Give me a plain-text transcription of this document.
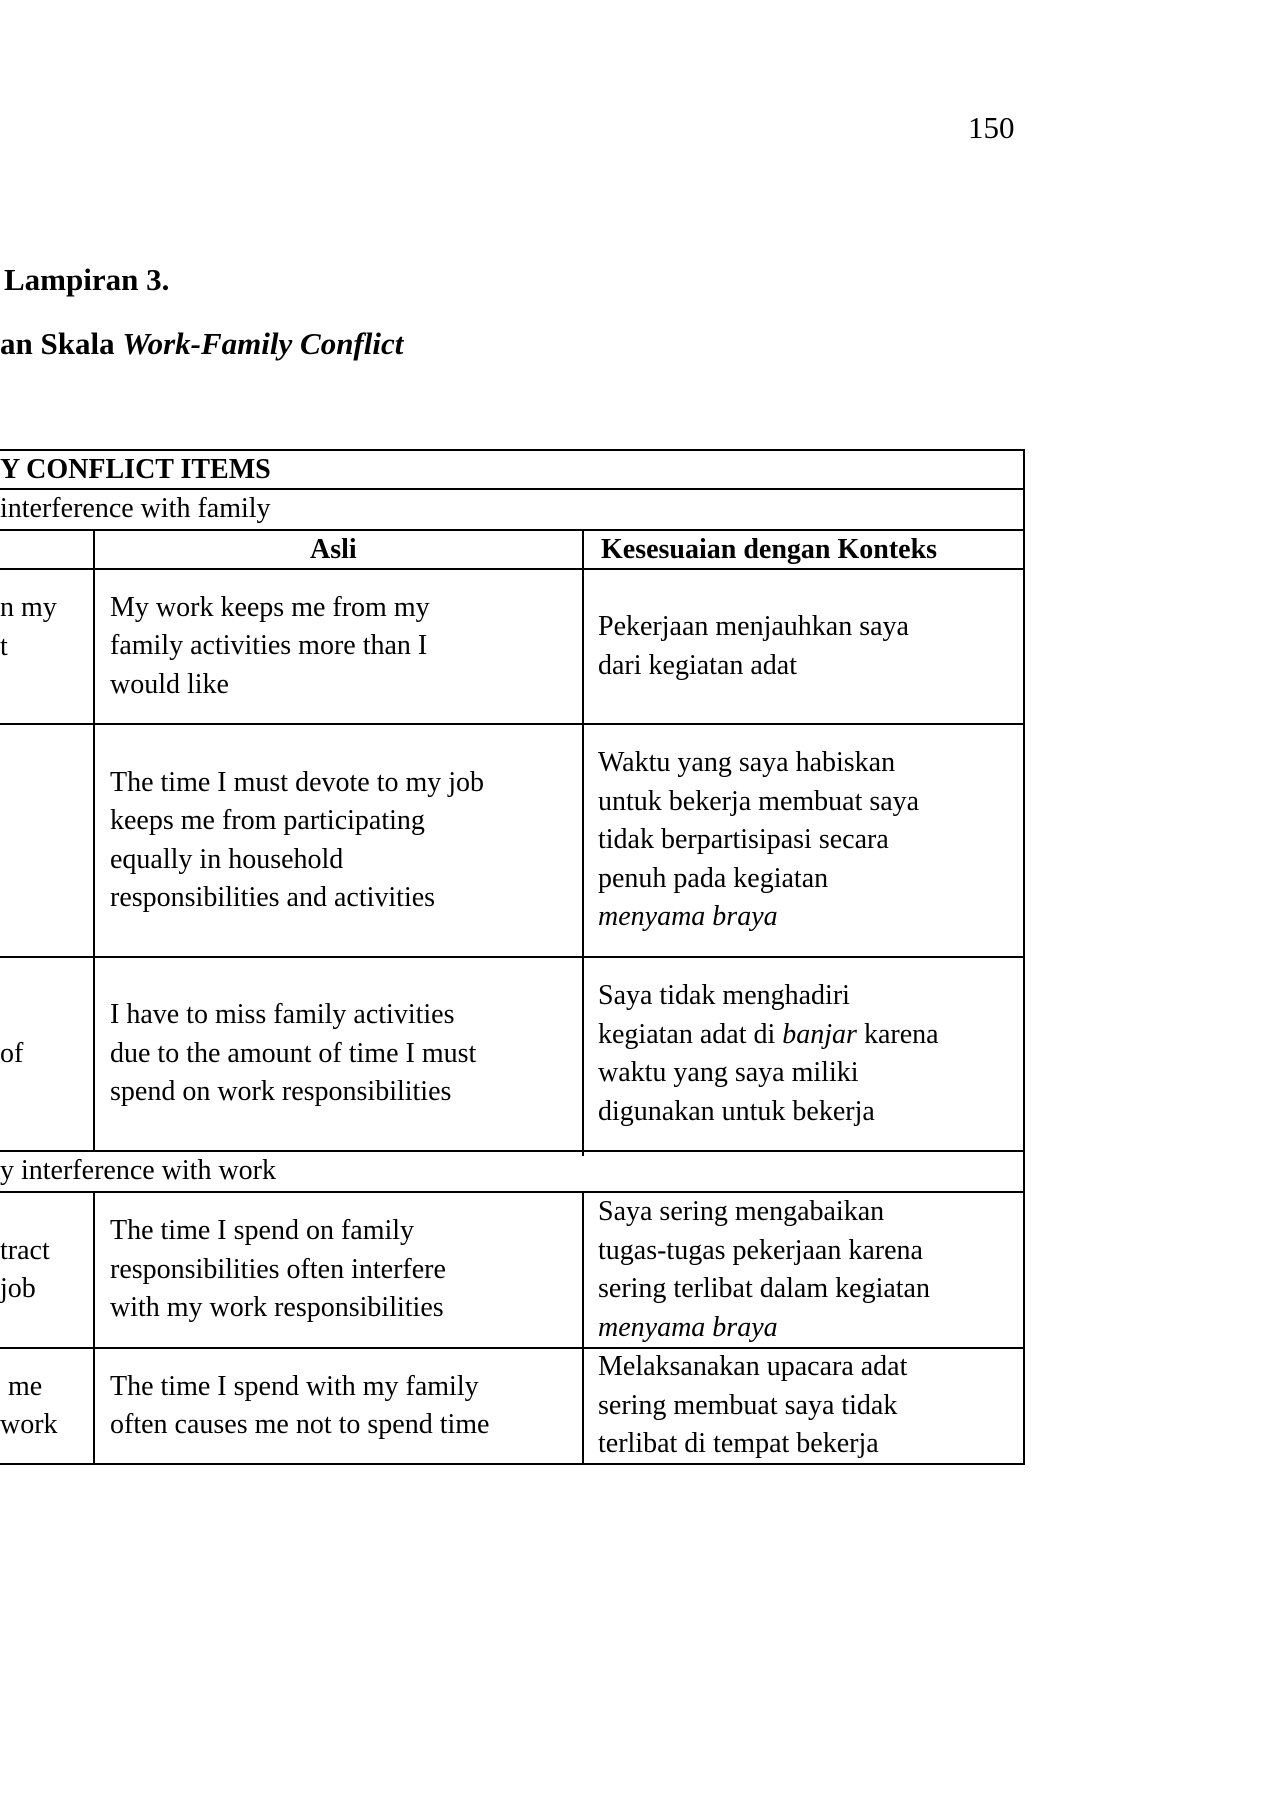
150
Lampiran 3.
an Skala Work-Family Conflict
Y CONFLICT ITEMS
interference with family
Asli	Kesesuaian dengan Konteks
y interference with work
n my
t
My work keeps me from my
family activities more than I
would like
Pekerjaan menjauhkan saya
dari kegiatan adat
The time I must devote to my job
keeps me from participating
equally in household
responsibilities and activities
Waktu yang saya habiskan
untuk bekerja membuat saya
tidak berpartisipasi secara
penuh pada kegiatan
menyama braya
of
I have to miss family activities
due to the amount of time I must
spend on work responsibilities
Saya tidak menghadiri
kegiatan adat di banjar karena
waktu yang saya miliki
digunakan untuk bekerja
tract
job
The time I spend on family
responsibilities often interfere
with my work responsibilities
Saya sering mengabaikan
tugas-tugas pekerjaan karena
sering terlibat dalam kegiatan
menyama braya
me
work
The time I spend with my family
often causes me not to spend time
Melaksanakan upacara adat
sering membuat saya tidak
terlibat di tempat bekerja
